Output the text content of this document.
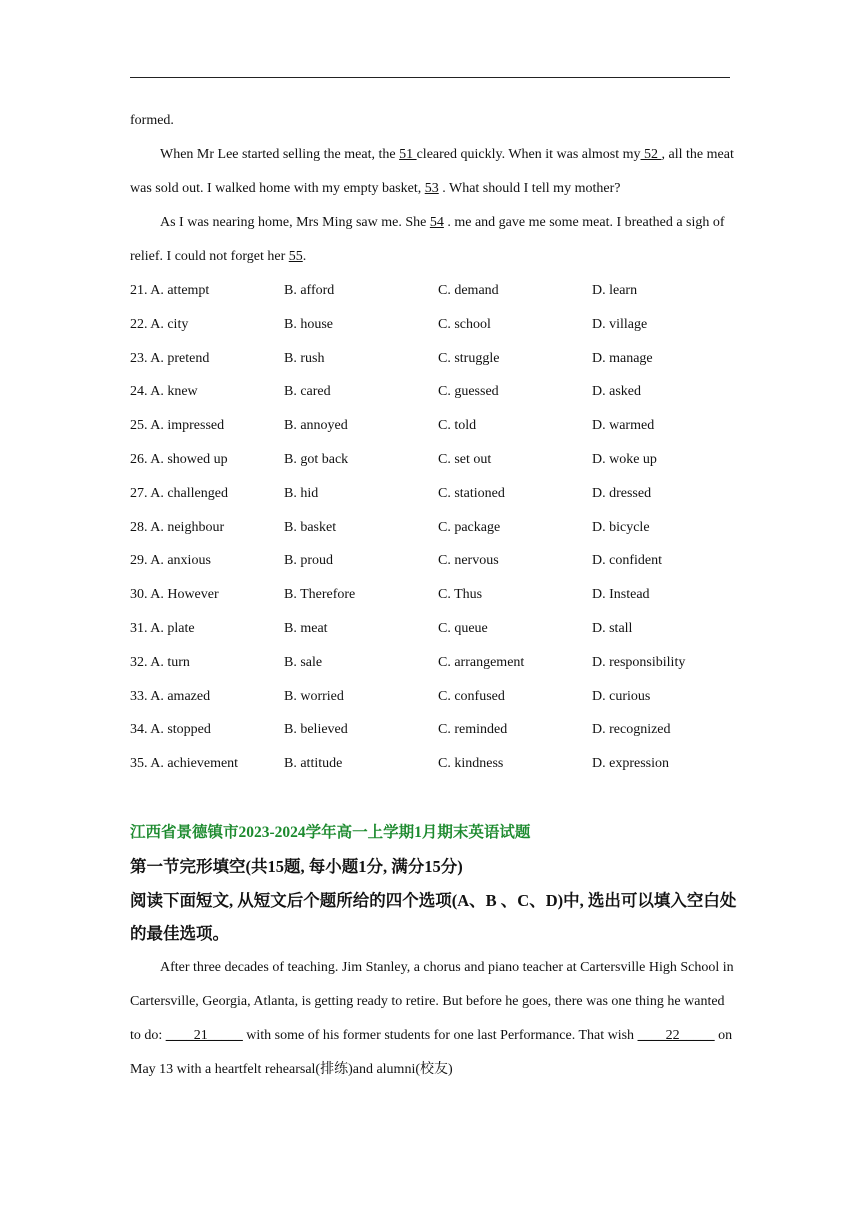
formed.

When Mr Lee started selling the meat, the 51 cleared quickly. When it was almost my 52 , all the meat was sold out. I walked home with my empty basket, 53 . What should I tell my mother?

As I was nearing home, Mrs Ming saw me. She 54 . me and gave me some meat. I breathed a sigh of relief. I could not forget her 55.

21. A. attempt	B. afford	C. demand	D. learn
22. A. city	B. house	C. school	D. village
23. A. pretend	B. rush	C. struggle	D. manage
24. A. knew	B. cared	C. guessed	D. asked
25. A. impressed	B. annoyed	C. told	D. warmed
26. A. showed up	B. got back	C. set out	D. woke up
27. A. challenged	B. hid	C. stationed	D. dressed
28. A. neighbour	B. basket	C. package	D. bicycle
29. A. anxious	B. proud	C. nervous	D. confident
30. A. However	B. Therefore	C. Thus	D. Instead
31. A. plate	B. meat	C. queue	D. stall
32. A. turn	B. sale	C. arrangement	D. responsibility
33. A. amazed	B. worried	C. confused	D. curious
34. A. stopped	B. believed	C. reminded	D. recognized
35. A. achievement	B. attitude	C. kindness	D. expression

江西省景德镇市2023-2024学年高一上学期1月期末英语试题

第一节完形填空(共15题, 每小题1分, 满分15分)

阅读下面短文, 从短文后个题所给的四个选项(A、B 、C、D)中, 选出可以填入空白处的最佳选项。

After three decades of teaching. Jim Stanley, a chorus and piano teacher at Cartersville High School in Cartersville, Georgia, Atlanta, is getting ready to retire. But before he goes, there was one thing he wanted to do: ____21_____ with some of his former students for one last Performance. That wish ____22_____ on May 13 with a heartfelt rehearsal(排练)and alumni(校友)
